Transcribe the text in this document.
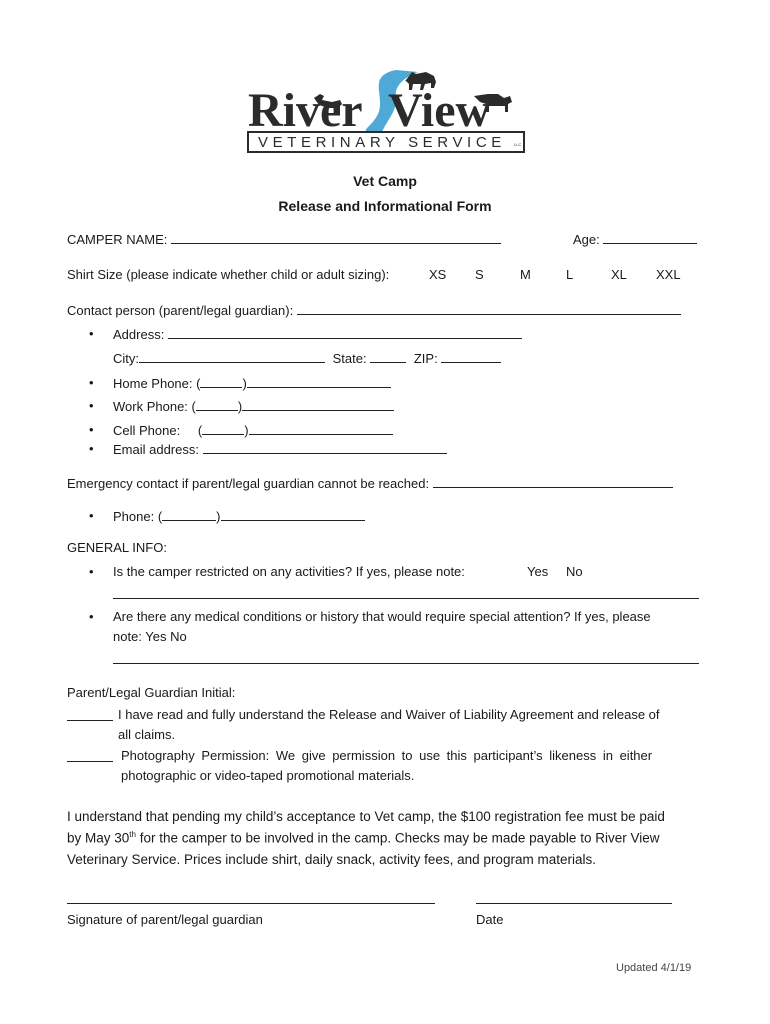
River View
VETERINARY SERVICE LLC
Vet Camp
Release and Informational Form
CAMPER NAME:	Age:
Shirt Size (please indicate whether child or adult sizing):	XS S	M	L	XL XXL
Contact person (parent/legal guardian):
• Address:
City:	State:	ZIP:
• Home Phone: (	)
• Work Phone: (	)
• Cell Phone: (	)
• Email address:
Emergency contact if parent/legal guardian cannot be reached:
• Phone: (	)
GENERAL INFO:
• Is the camper restricted on any activities? If yes, please note:	Yes No
• Are there any medical conditions or history that would require special attention? If yes, please
note: Yes No
Parent/Legal Guardian Initial:
I have read and fully understand the Release and Waiver of Liability Agreement and release of
all claims.
Photography Permission: We give permission to use this participant’s likeness in either
photographic or video-taped promotional materials.
I understand that pending my child’s acceptance to Vet camp, the $100 registration fee must be paid
by May 30th for the camper to be involved in the camp. Checks may be made payable to River View
Veterinary Service. Prices include shirt, daily snack, activity fees, and program materials.
Signature of parent/legal guardian	Date
Updated 4/1/19
